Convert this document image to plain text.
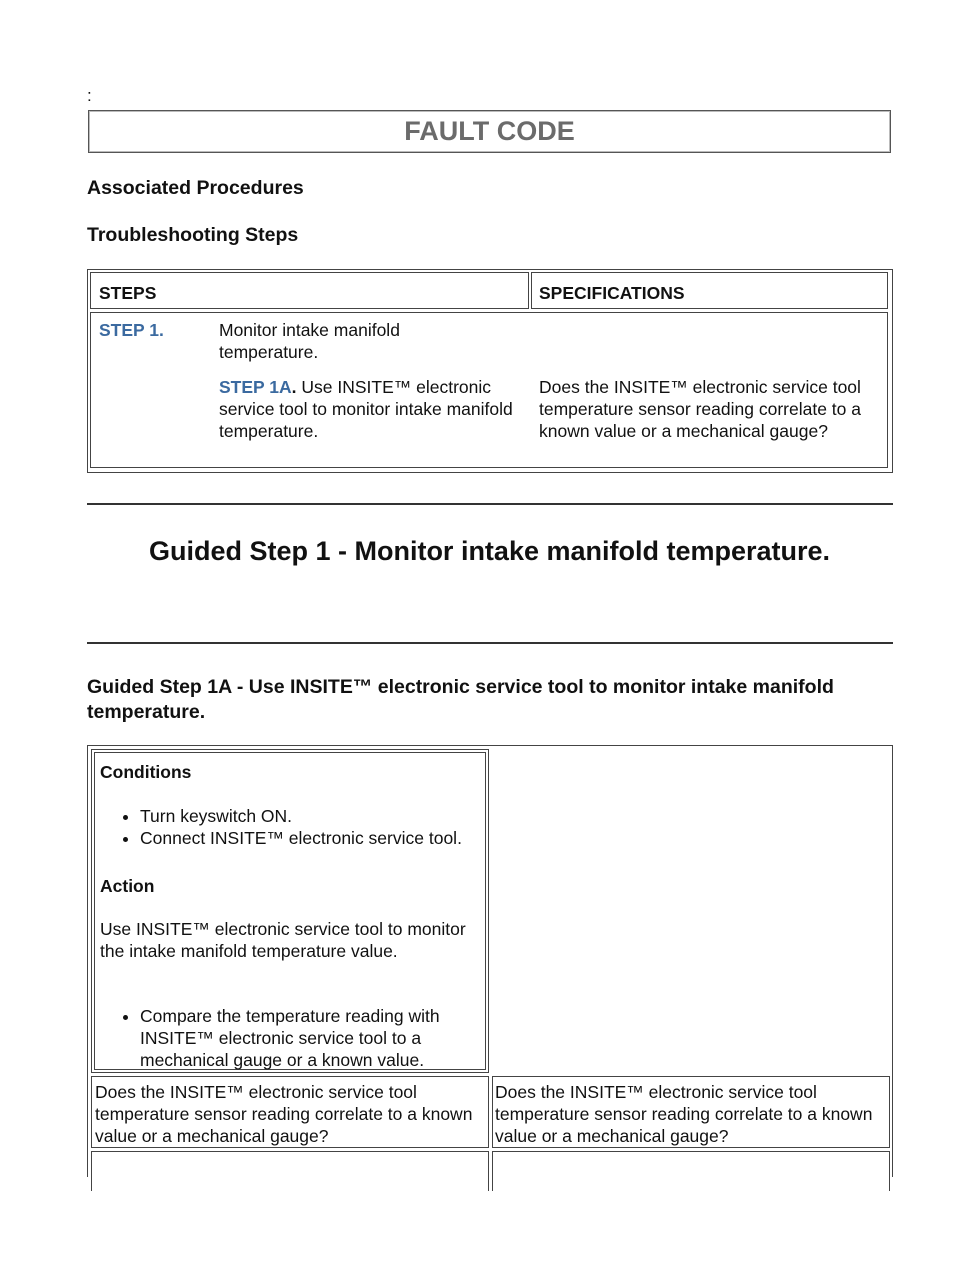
:
FAULT CODE
Associated Procedures
Troubleshooting Steps
STEPS	SPECIFICATIONS
STEP 1.	Monitor intake manifold temperature.
STEP 1A. Use INSITE™ electronic service tool to monitor intake manifold temperature.
Does the INSITE™ electronic service tool temperature sensor reading correlate to a known value or a mechanical gauge?
Guided Step 1 - Monitor intake manifold temperature.
Guided Step 1A - Use INSITE™ electronic service tool to monitor intake manifold temperature.
Conditions
• Turn keyswitch ON.
• Connect INSITE™ electronic service tool.
Action
Use INSITE™ electronic service tool to monitor the intake manifold temperature value.
• Compare the temperature reading with INSITE™ electronic service tool to a mechanical gauge or a known value.
Does the INSITE™ electronic service tool temperature sensor reading correlate to a known value or a mechanical gauge?
Does the INSITE™ electronic service tool temperature sensor reading correlate to a known value or a mechanical gauge?
